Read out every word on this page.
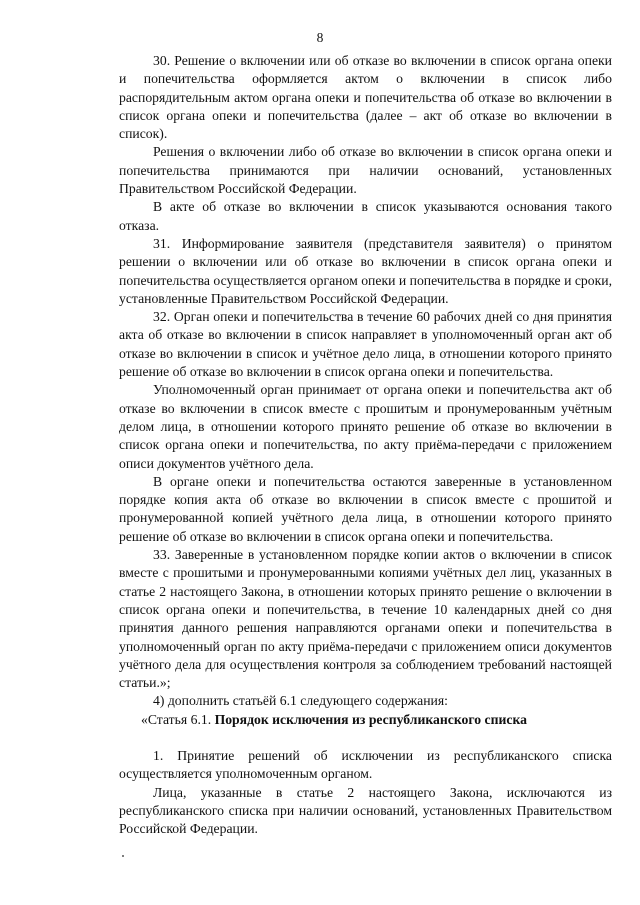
8

30. Решение о включении или об отказе во включении в список органа опеки и попечительства оформляется актом о включении в список либо распорядительным актом органа опеки и попечительства об отказе во включении в список органа опеки и попечительства (далее – акт об отказе во включении в список).

Решения о включении либо об отказе во включении в список органа опеки и попечительства принимаются при наличии оснований, установленных Правительством Российской Федерации.

В акте об отказе во включении в список указываются основания такого отказа.

31. Информирование заявителя (представителя заявителя) о принятом решении о включении или об отказе во включении в список органа опеки и попечительства осуществляется органом опеки и попечительства в порядке и сроки, установленные Правительством Российской Федерации.

32. Орган опеки и попечительства в течение 60 рабочих дней со дня принятия акта об отказе во включении в список направляет в уполномоченный орган акт об отказе во включении в список и учётное дело лица, в отношении которого принято решение об отказе во включении в список органа опеки и попечительства.

Уполномоченный орган принимает от органа опеки и попечительства акт об отказе во включении в список вместе с прошитым и пронумерованным учётным делом лица, в отношении которого принято решение об отказе во включении в список органа опеки и попечительства, по акту приёма-передачи с приложением описи документов учётного дела.

В органе опеки и попечительства остаются заверенные в установленном порядке копия акта об отказе во включении в список вместе с прошитой и пронумерованной копией учётного дела лица, в отношении которого принято решение об отказе во включении в список органа опеки и попечительства.

33. Заверенные в установленном порядке копии актов о включении в список вместе с прошитыми и пронумерованными копиями учётных дел лиц, указанных в статье 2 настоящего Закона, в отношении которых принято решение о включении в список органа опеки и попечительства, в течение 10 календарных дней со дня принятия данного решения направляются органами опеки и попечительства в уполномоченный орган по акту приёма-передачи с приложением описи документов учётного дела для осуществления контроля за соблюдением требований настоящей статьи.»;

4) дополнить статьёй 6.1 следующего содержания:

«Статья 6.1. Порядок исключения из республиканского списка

1. Принятие решений об исключении из республиканского списка осуществляется уполномоченным органом.

Лица, указанные в статье 2 настоящего Закона, исключаются из республиканского списка при наличии оснований, установленных Правительством Российской Федерации.
